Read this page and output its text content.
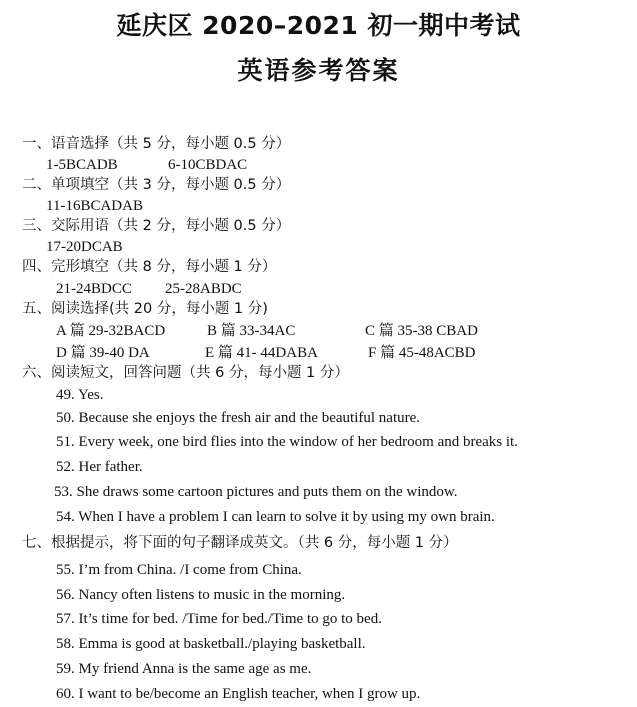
延庆区 2020–2021 初一期中考试
英语参考答案
一、语音选择（共 5 分，每小题 0.5 分）
1-5BCADB	6-10CBDAC
二、单项填空（共 3 分，每小题 0.5 分）
11-16BCADAB
三、交际用语（共 2 分，每小题 0.5 分）
17-20DCAB
四、完形填空（共 8 分，每小题 1 分）
21-24BDCC 25-28ABDC
五、阅读选择(共 20 分，每小题 1 分)
A 篇 29-32BACD	B 篇 33-34AC	C 篇 35-38 CBAD
D 篇 39-40 DA	E 篇 41- 44DABA	F 篇 45-48ACBD
六、阅读短文，回答问题（共 6 分，每小题 1 分）
49. Yes.
50. Because she enjoys the fresh air and the beautiful nature.
51. Every week, one bird flies into the window of her bedroom and breaks it.
52. Her father.
53. She draws some cartoon pictures and puts them on the window.
54. When I have a problem I can learn to solve it by using my own brain.
七、根据提示，将下面的句子翻译成英文。（共 6 分，每小题 1 分）
55. I’m from China. /I come from China.
56. Nancy often listens to music in the morning.
57. It’s time for bed. /Time for bed./Time to go to bed.
58. Emma is good at basketball./playing basketball.
59. My friend Anna is the same age as me.
60. I want to be/become an English teacher, when I grow up.
